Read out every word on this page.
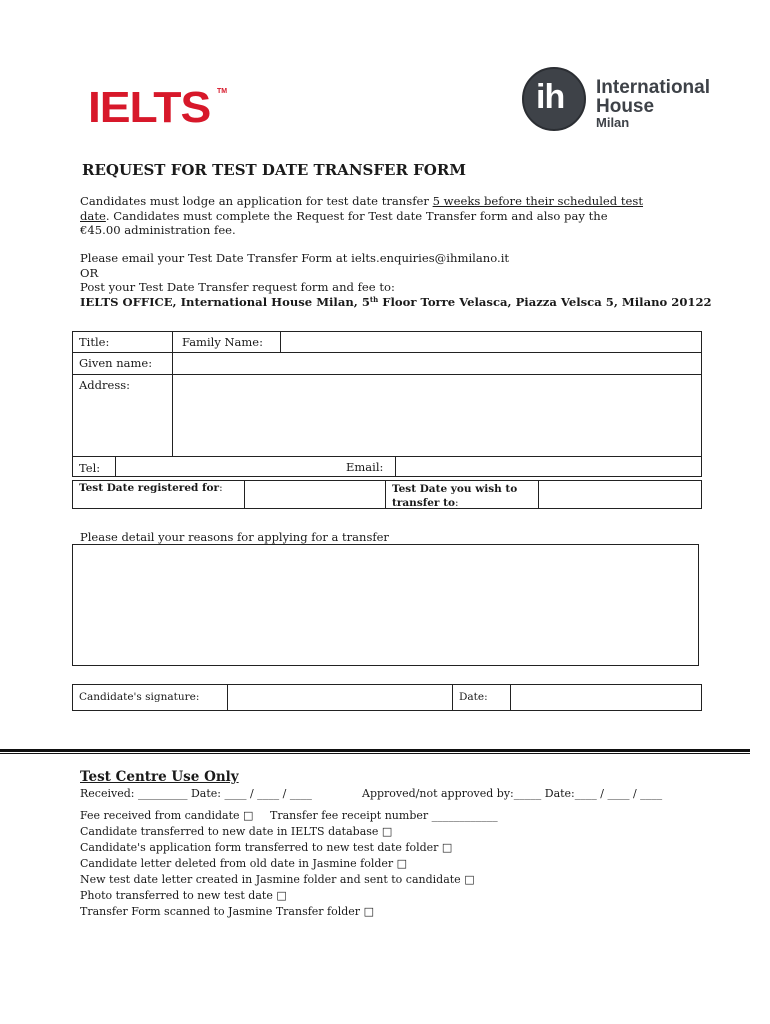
IELTS TM	ih International
House
Milan
REQUEST FOR TEST DATE TRANSFER FORM
Candidates must lodge an application for test date transfer 5 weeks before their scheduled test
date. Candidates must complete the Request for Test date Transfer form and also pay the
€45.00 administration fee.
Please email your Test Date Transfer Form at ielts.enquiries@ihmilano.it
OR
Post your Test Date Transfer request form and fee to:
IELTS OFFICE, International House Milan, 5th Floor Torre Velasca, Piazza Velsca 5, Milano 20122
Title:	Family Name:
Given name:
Address:
Tel:	Email:
Test Date registered for:	Test Date you wish to
transfer to:
Please detail your reasons for applying for a transfer
Candidate's signature:	Date:
Test Centre Use Only
Received: _________ Date: ____ / ____ / ____	Approved/not approved by:_____ Date:____ / ____ / ____
Fee received from candidate □ Transfer fee receipt number ____________
Candidate transferred to new date in IELTS database □
Candidate's application form transferred to new test date folder □
Candidate letter deleted from old date in Jasmine folder □
New test date letter created in Jasmine folder and sent to candidate □
Photo transferred to new test date □
Transfer Form scanned to Jasmine Transfer folder □
